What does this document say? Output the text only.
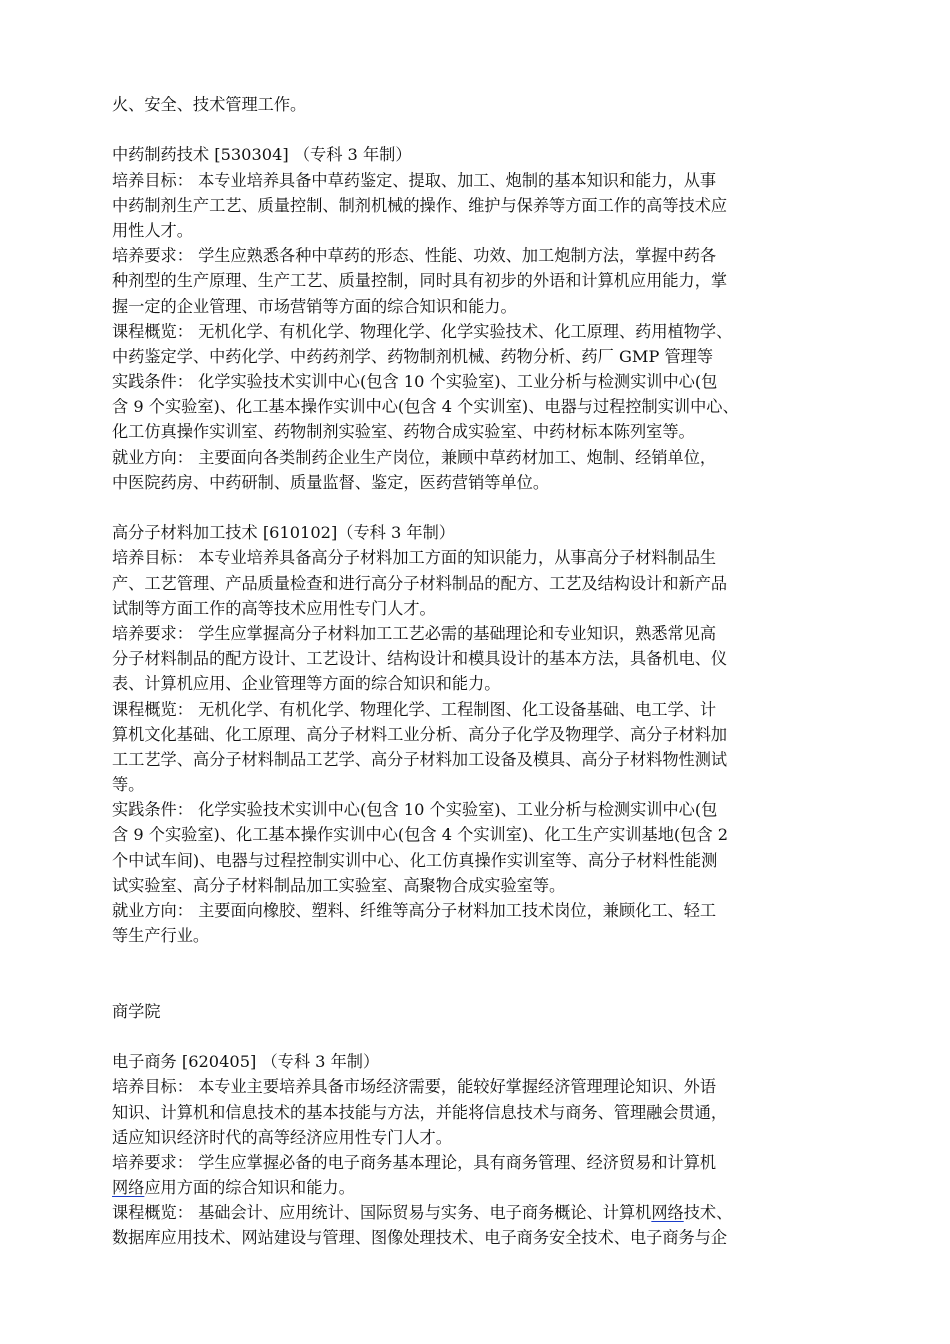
火、安全、技术管理工作。
中药制药技术 [530304] （专科 3 年制）
培养目标： 本专业培养具备中草药鉴定、提取、加工、炮制的基本知识和能力，从事
中药制剂生产工艺、质量控制、制剂机械的操作、维护与保养等方面工作的高等技术应
用性人才。
培养要求： 学生应熟悉各种中草药的形态、性能、功效、加工炮制方法，掌握中药各
种剂型的生产原理、生产工艺、质量控制，同时具有初步的外语和计算机应用能力，掌
握一定的企业管理、市场营销等方面的综合知识和能力。
课程概览： 无机化学、有机化学、物理化学、化学实验技术、化工原理、药用植物学、
中药鉴定学、中药化学、中药药剂学、药物制剂机械、药物分析、药厂 GMP 管理等
实践条件： 化学实验技术实训中心(包含 10 个实验室)、工业分析与检测实训中心(包
含 9 个实验室)、化工基本操作实训中心(包含 4 个实训室)、电器与过程控制实训中心、
化工仿真操作实训室、药物制剂实验室、药物合成实验室、中药材标本陈列室等。
就业方向： 主要面向各类制药企业生产岗位，兼顾中草药材加工、炮制、经销单位，
中医院药房、中药研制、质量监督、鉴定，医药营销等单位。
高分子材料加工技术 [610102]（专科 3 年制）
培养目标： 本专业培养具备高分子材料加工方面的知识能力，从事高分子材料制品生
产、工艺管理、产品质量检查和进行高分子材料制品的配方、工艺及结构设计和新产品
试制等方面工作的高等技术应用性专门人才。
培养要求： 学生应掌握高分子材料加工工艺必需的基础理论和专业知识，熟悉常见高
分子材料制品的配方设计、工艺设计、结构设计和模具设计的基本方法，具备机电、仪
表、计算机应用、企业管理等方面的综合知识和能力。
课程概览： 无机化学、有机化学、物理化学、工程制图、化工设备基础、电工学、计
算机文化基础、化工原理、高分子材料工业分析、高分子化学及物理学、高分子材料加
工工艺学、高分子材料制品工艺学、高分子材料加工设备及模具、高分子材料物性测试
等。
实践条件： 化学实验技术实训中心(包含 10 个实验室)、工业分析与检测实训中心(包
含 9 个实验室)、化工基本操作实训中心(包含 4 个实训室)、化工生产实训基地(包含 2
个中试车间)、电器与过程控制实训中心、化工仿真操作实训室等、高分子材料性能测
试实验室、高分子材料制品加工实验室、高聚物合成实验室等。
就业方向： 主要面向橡胶、塑料、纤维等高分子材料加工技术岗位，兼顾化工、轻工
等生产行业。
商学院
电子商务 [620405] （专科 3 年制）
培养目标： 本专业主要培养具备市场经济需要，能较好掌握经济管理理论知识、外语
知识、计算机和信息技术的基本技能与方法，并能将信息技术与商务、管理融会贯通，
适应知识经济时代的高等经济应用性专门人才。
培养要求： 学生应掌握必备的电子商务基本理论，具有商务管理、经济贸易和计算机
网络应用方面的综合知识和能力。
课程概览： 基础会计、应用统计、国际贸易与实务、电子商务概论、计算机网络技术、
数据库应用技术、网站建设与管理、图像处理技术、电子商务安全技术、电子商务与企
